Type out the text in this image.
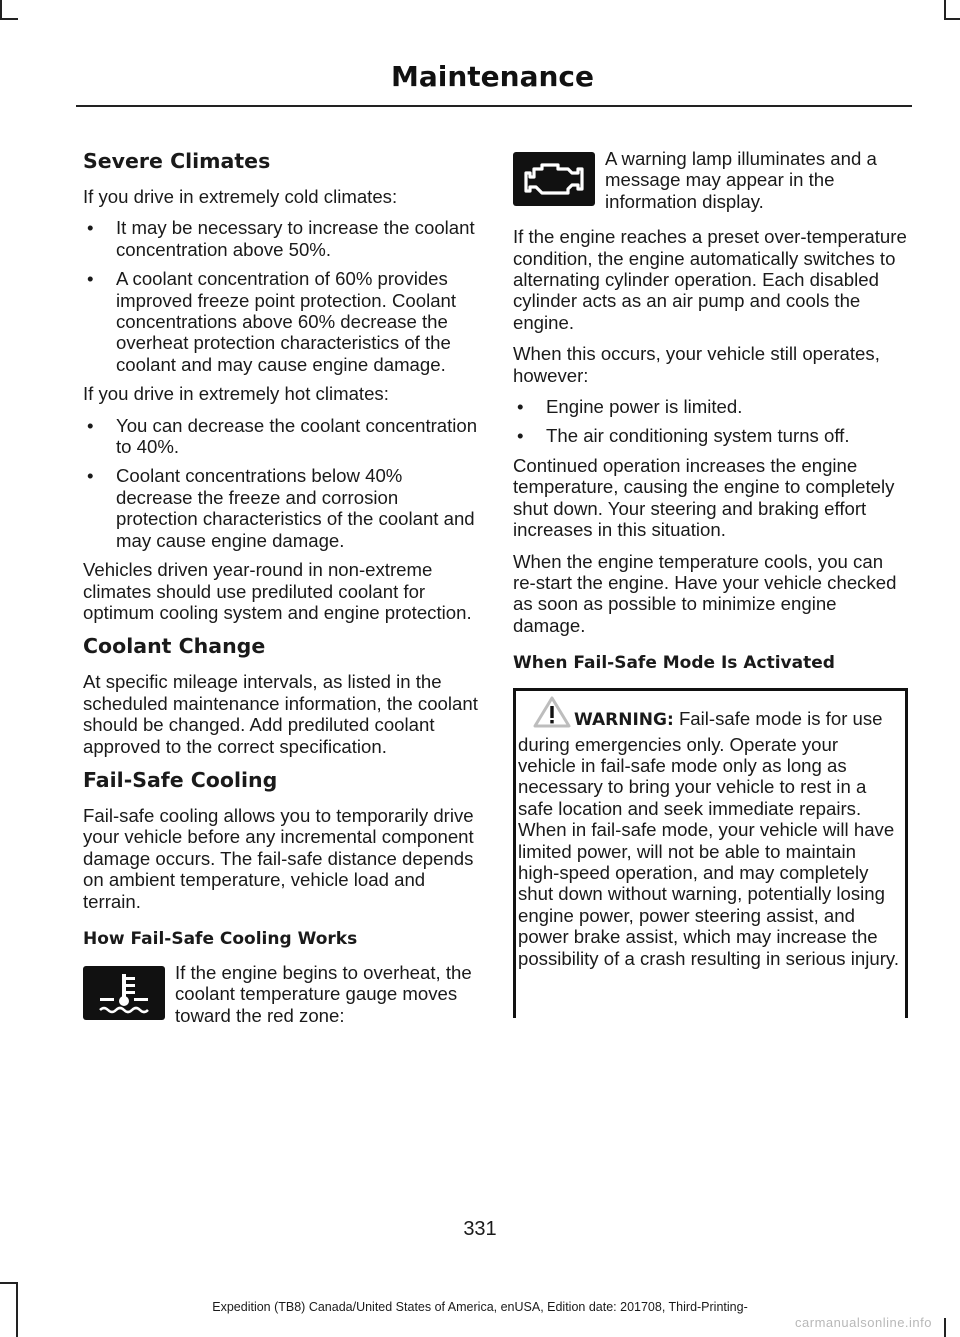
Maintenance
Severe Climates

If you drive in extremely cold climates:

• It may be necessary to increase the coolant concentration above 50%.
• A coolant concentration of 60% provides improved freeze point protection. Coolant concentrations above 60% decrease the overheat protection characteristics of the coolant and may cause engine damage.

If you drive in extremely hot climates:

• You can decrease the coolant concentration to 40%.
• Coolant concentrations below 40% decrease the freeze and corrosion protection characteristics of the coolant and may cause engine damage.

Vehicles driven year-round in non-extreme climates should use prediluted coolant for optimum cooling system and engine protection.

Coolant Change

At specific mileage intervals, as listed in the scheduled maintenance information, the coolant should be changed. Add prediluted coolant approved to the correct specification.

Fail-Safe Cooling

Fail-safe cooling allows you to temporarily drive your vehicle before any incremental component damage occurs. The fail-safe distance depends on ambient temperature, vehicle load and terrain.

How Fail-Safe Cooling Works
If the engine begins to overheat, the coolant temperature gauge moves toward the red zone:
A warning lamp illuminates and a message may appear in the information display.

If the engine reaches a preset over-temperature condition, the engine automatically switches to alternating cylinder operation. Each disabled cylinder acts as an air pump and cools the engine.

When this occurs, your vehicle still operates, however:

• Engine power is limited.
• The air conditioning system turns off.

Continued operation increases the engine temperature, causing the engine to completely shut down. Your steering and braking effort increases in this situation.

When the engine temperature cools, you can re-start the engine. Have your vehicle checked as soon as possible to minimize engine damage.

When Fail-Safe Mode Is Activated
WARNING: Fail-safe mode is for use during emergencies only. Operate your vehicle in fail-safe mode only as long as necessary to bring your vehicle to rest in a safe location and seek immediate repairs. When in fail-safe mode, your vehicle will have limited power, will not be able to maintain high-speed operation, and may completely shut down without warning, potentially losing engine power, power steering assist, and power brake assist, which may increase the possibility of a crash resulting in serious injury.
331
Expedition (TB8) Canada/United States of America, enUSA, Edition date: 201708, Third-Printing-
carmanualsonline.info
